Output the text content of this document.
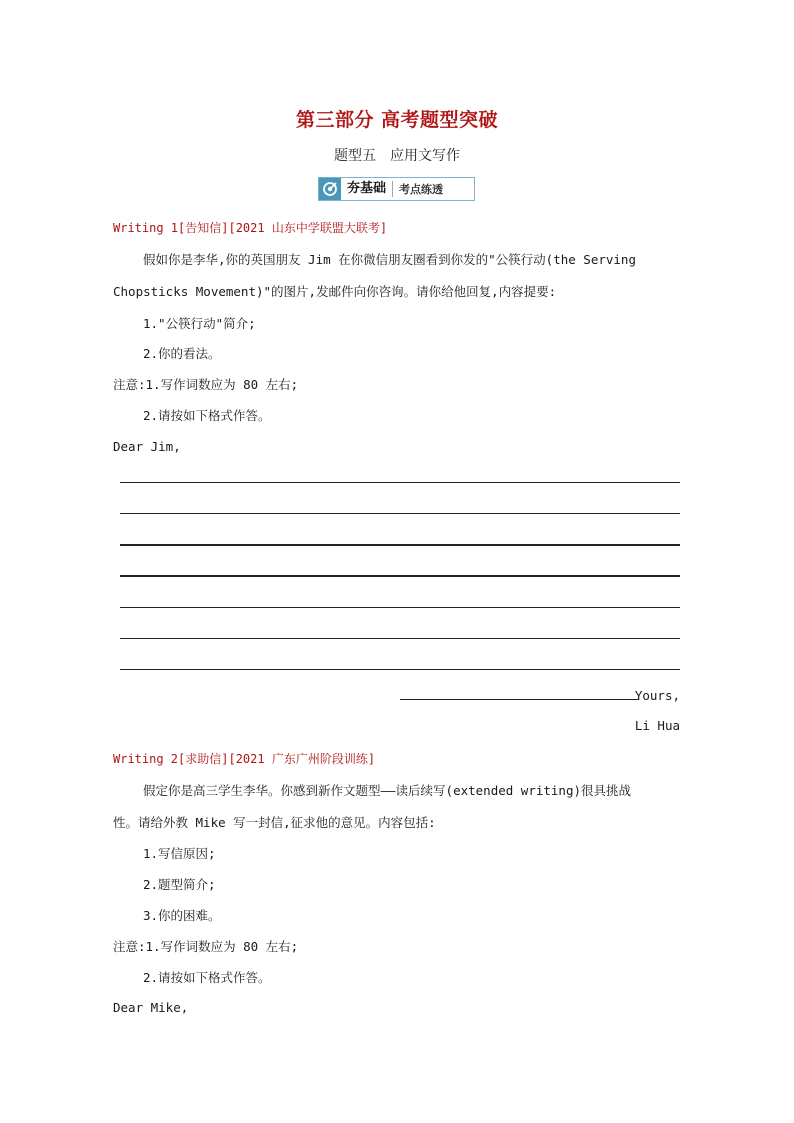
第三部分 高考题型突破
题型五　应用文写作
夯基础	考点练透
Writing 1[告知信][2021 山东中学联盟大联考]
假如你是李华,你的英国朋友 Jim 在你微信朋友圈看到你发的"公筷行动(the Serving
Chopsticks Movement)"的图片,发邮件向你咨询。请你给他回复,内容提要:
1."公筷行动"简介;
2.你的看法。
注意:1.写作词数应为 80 左右;
2.请按如下格式作答。
Dear Jim,
Yours,
Li Hua
Writing 2[求助信][2021 广东广州阶段训练]
假定你是高三学生李华。你感到新作文题型——读后续写(extended writing)很具挑战
性。请给外教 Mike 写一封信,征求他的意见。内容包括:
1.写信原因;
2.题型简介;
3.你的困难。
注意:1.写作词数应为 80 左右;
2.请按如下格式作答。
Dear Mike,
